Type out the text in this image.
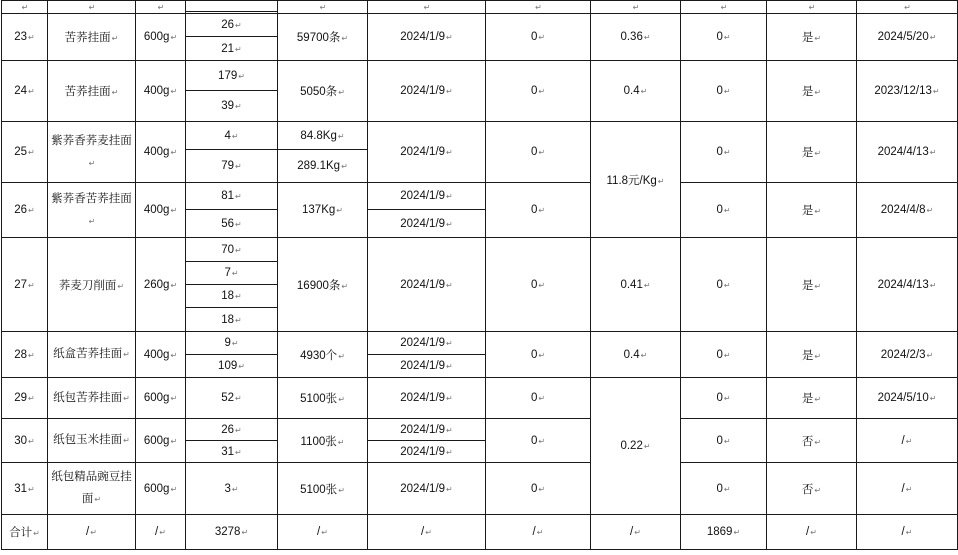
↵	↵	↵		↵	↵	↵	↵	↵	↵	↵

23 ↵	苦荞挂面 ↵	600g ↵	26 ↵	59700条 ↵	2024/1/9 ↵	0 ↵	0.36 ↵	0 ↵	是 ↵	2024/5/20 ↵
			21 ↵
24 ↵	苦荞挂面 ↵	400g ↵	179 ↵	5050条 ↵	2024/1/9 ↵	0 ↵	0.4 ↵	0 ↵	是 ↵	2023/12/13 ↵
			39 ↵
25 ↵	紫荞香荞麦挂面 ↵	400g ↵	4 ↵	84.8Kg ↵	2024/1/9 ↵	0 ↵	11.8元/Kg ↵	0 ↵	是 ↵	2024/4/13 ↵
			79 ↵	289.1Kg ↵
26 ↵	紫荞香苦荞挂面 ↵	400g ↵	81 ↵	137Kg ↵	2024/1/9 ↵	0 ↵		0 ↵	是 ↵	2024/4/8 ↵
			56 ↵		2024/1/9 ↵
27 ↵	荞麦刀削面 ↵	260g ↵	70 ↵	16900条 ↵	2024/1/9 ↵	0 ↵	0.41 ↵	0 ↵	是 ↵	2024/4/13 ↵
			7 ↵
			18 ↵
			18 ↵
28 ↵	纸盒苦荞挂面 ↵	400g ↵	9 ↵	4930个 ↵	2024/1/9 ↵	0 ↵	0.4 ↵	0 ↵	是 ↵	2024/2/3 ↵
			109 ↵		2024/1/9 ↵
29 ↵	纸包苦荞挂面 ↵	600g ↵	52 ↵	5100张 ↵	2024/1/9 ↵	0 ↵	0.22 ↵	0 ↵	是 ↵	2024/5/10 ↵
30 ↵	纸包玉米挂面 ↵	600g ↵	26 ↵	1100张 ↵	2024/1/9 ↵	0 ↵		0 ↵	否 ↵	/ ↵
			31 ↵		2024/1/9 ↵
31 ↵	纸包精品豌豆挂面 ↵	600g ↵	3 ↵	5100张 ↵	2024/1/9 ↵	0 ↵		0 ↵	否 ↵	/ ↵
合计 ↵	/ ↵	/ ↵	3278 ↵	/ ↵	/ ↵	/ ↵	/ ↵	1869 ↵	/ ↵	/ ↵
